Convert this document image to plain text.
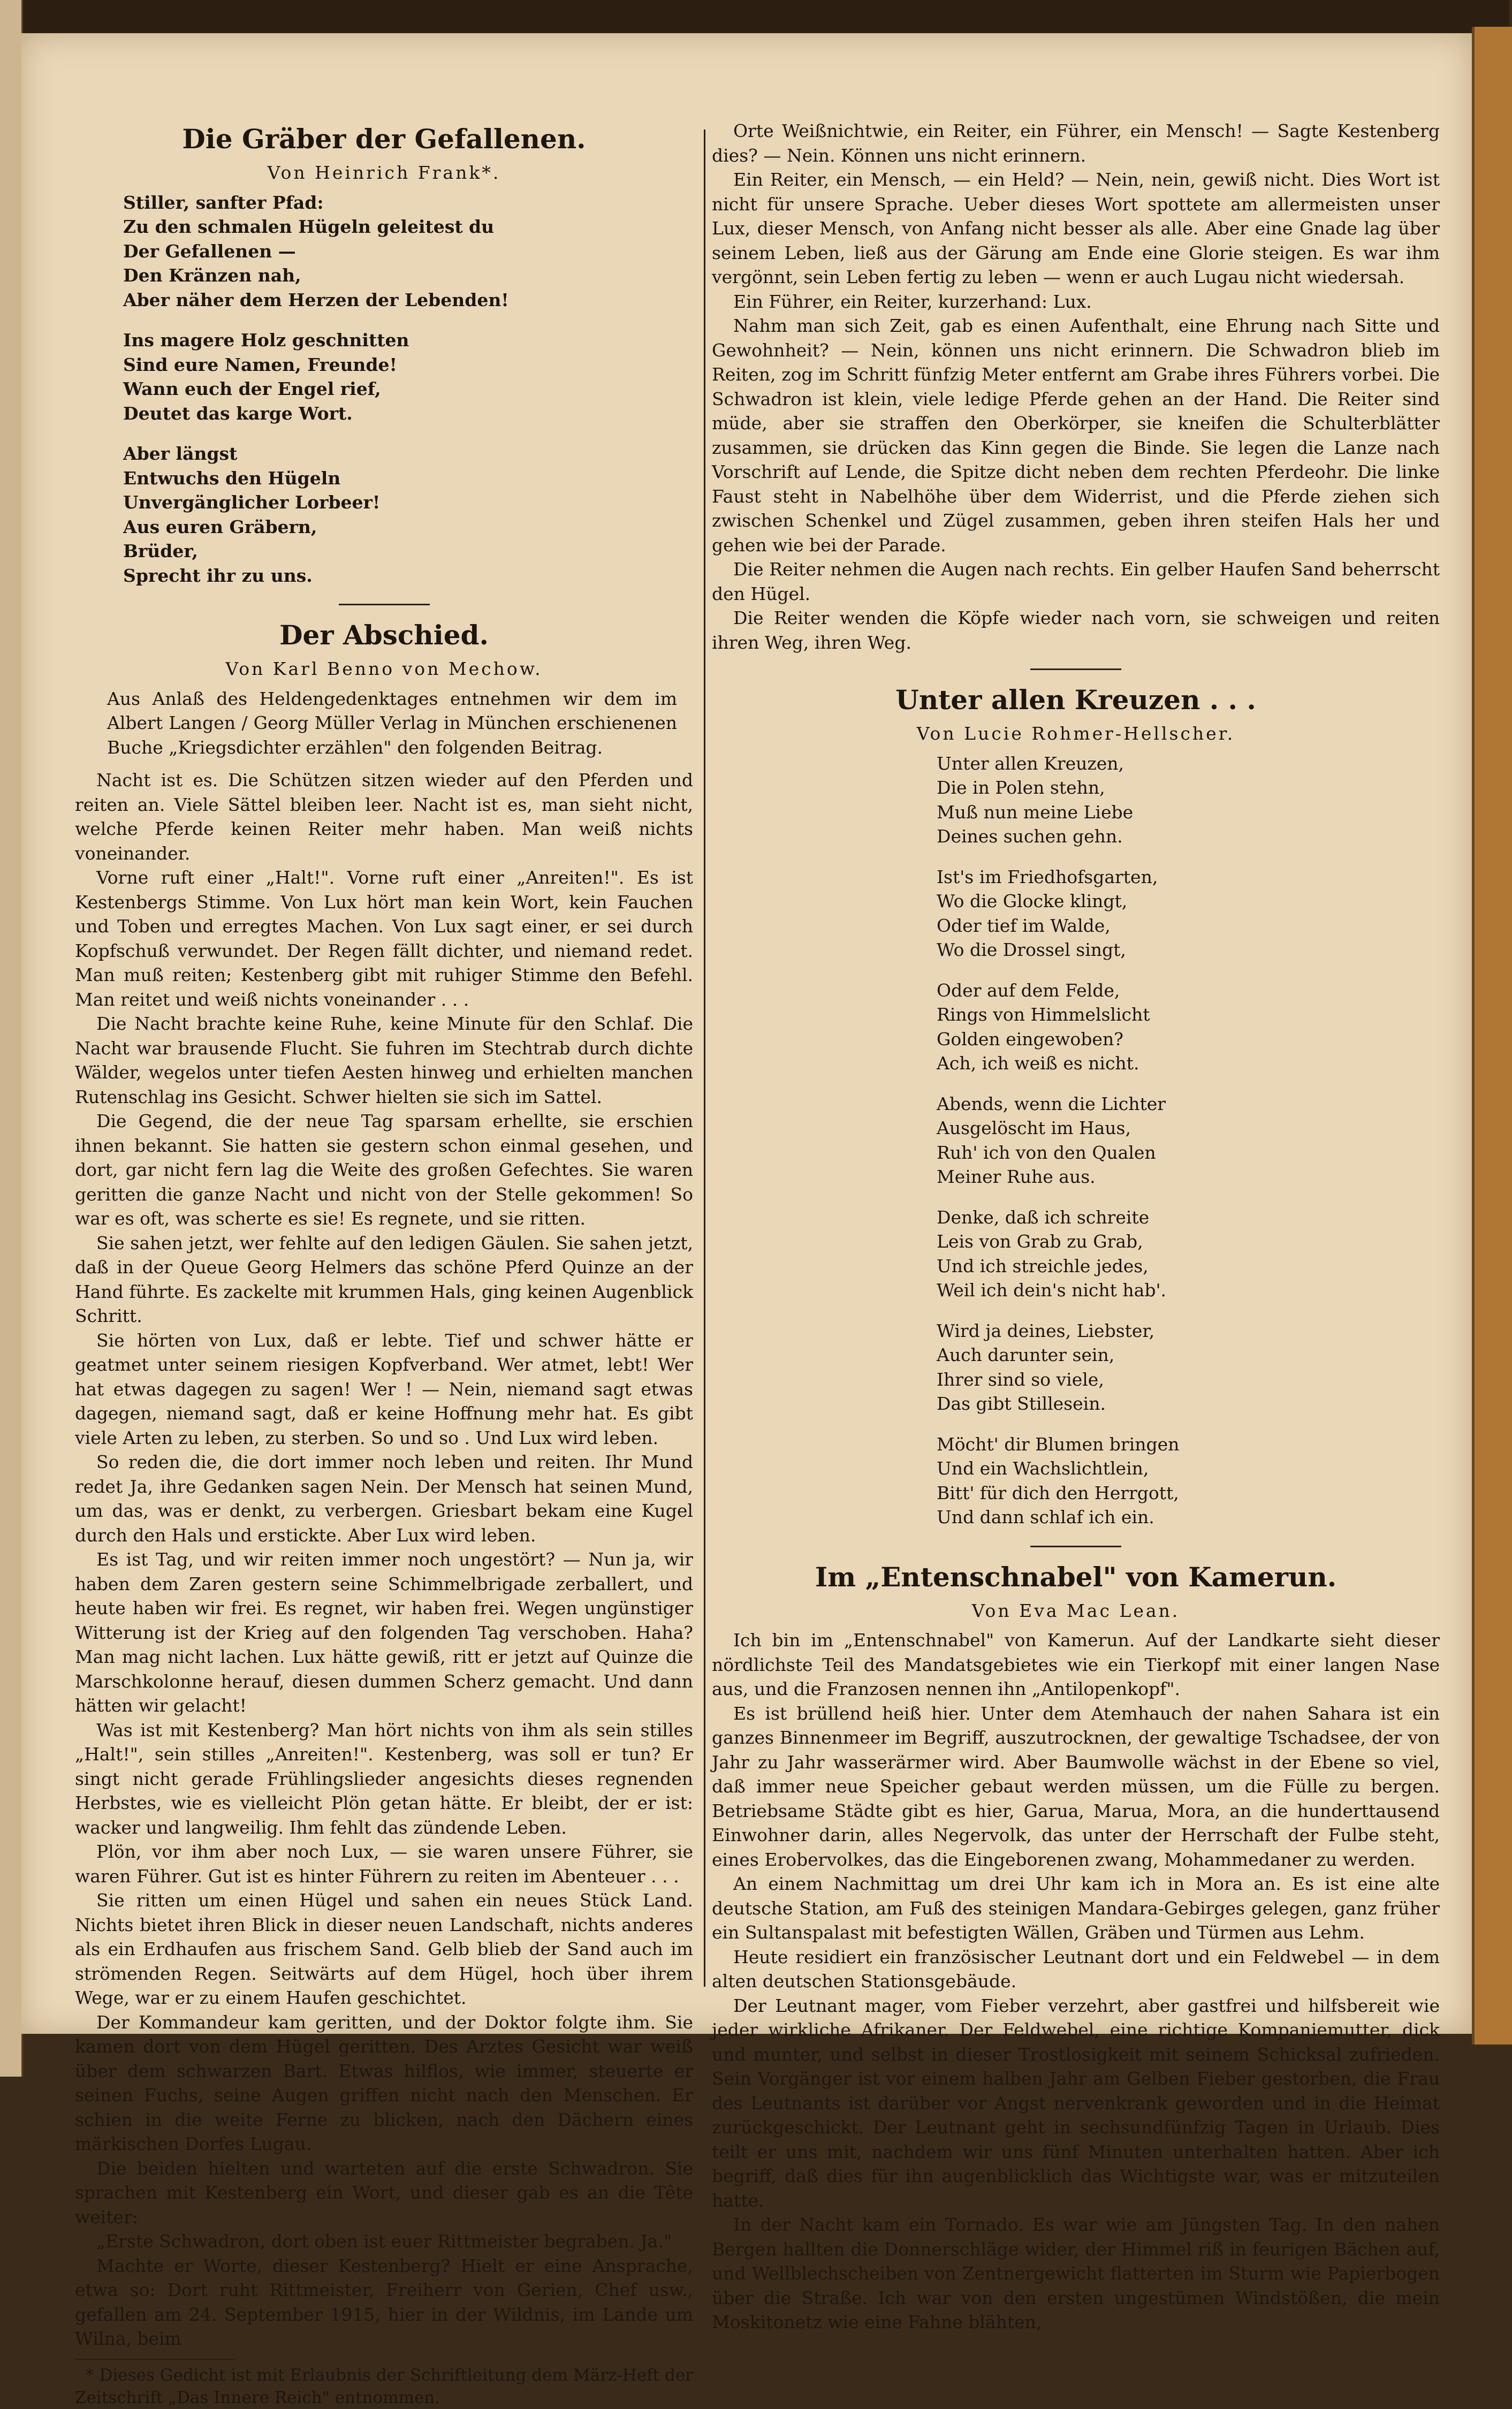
Die Gräber der Gefallenen.
Von Heinrich Frank*.
Stiller, sanfter Pfad:
Zu den schmalen Hügeln geleitest du
Der Gefallenen —
Den Kränzen nah,
Aber näher dem Herzen der Lebenden!
Ins magere Holz geschnitten
Sind eure Namen, Freunde!
Wann euch der Engel rief,
Deutet das karge Wort.
Aber längst
Entwuchs den Hügeln
Unvergänglicher Lorbeer!
Aus euren Gräbern,
Brüder,
Sprecht ihr zu uns.
Der Abschied.
Von Karl Benno von Mechow.
Aus Anlaß des Heldengedenktages entnehmen wir dem im Albert Langen / Georg Müller Verlag in München erschienenen Buche „Kriegsdichter erzählen" den folgenden Beitrag.

Nacht ist es. Die Schützen sitzen wieder auf den Pferden und reiten an. Viele Sättel bleiben leer. Nacht ist es, man sieht nicht, welche Pferde keinen Reiter mehr haben. Man weiß nichts voneinander.

Vorne ruft einer „Halt!". Vorne ruft einer „Anreiten!". Es ist Kestenbergs Stimme. Von Lux hört man kein Wort, kein Fauchen und Toben und erregtes Machen. Von Lux sagt einer, er sei durch Kopfschuß verwundet. Der Regen fällt dichter, und niemand redet. Man muß reiten; Kestenberg gibt mit ruhiger Stimme den Befehl. Man reitet und weiß nichts voneinander . . .

Die Nacht brachte keine Ruhe, keine Minute für den Schlaf. Die Nacht war brausende Flucht. Sie fuhren im Stechtrab durch dichte Wälder, wegelos unter tiefen Aesten hinweg und erhielten manchen Rutenschlag ins Gesicht. Schwer hielten sie sich im Sattel.

Die Gegend, die der neue Tag sparsam erhellte, sie erschien ihnen bekannt. Sie hatten sie gestern schon einmal gesehen, und dort, gar nicht fern lag die Weite des großen Gefechtes. Sie waren geritten die ganze Nacht und nicht von der Stelle gekommen! So war es oft, was scherte es sie! Es regnete, und sie ritten.

Sie sahen jetzt, wer fehlte auf den ledigen Gäulen. Sie sahen jetzt, daß in der Queue Georg Helmers das schöne Pferd Quinze an der Hand führte. Es zackelte mit krummen Hals, ging keinen Augenblick Schritt.

Sie hörten von Lux, daß er lebte. Tief und schwer hätte er geatmet unter seinem riesigen Kopfverband. Wer atmet, lebt! Wer hat etwas dagegen zu sagen! Wer ! — Nein, niemand sagt etwas dagegen, niemand sagt, daß er keine Hoffnung mehr hat. Es gibt viele Arten zu leben, zu sterben. So und so . Und Lux wird leben.

So reden die, die dort immer noch leben und reiten. Ihr Mund redet Ja, ihre Gedanken sagen Nein. Der Mensch hat seinen Mund, um das, was er denkt, zu verbergen. Griesbart bekam eine Kugel durch den Hals und erstickte. Aber Lux wird leben.

Es ist Tag, und wir reiten immer noch ungestört? — Nun ja, wir haben dem Zaren gestern seine Schimmelbrigade zerballert, und heute haben wir frei. Es regnet, wir haben frei. Wegen ungünstiger Witterung ist der Krieg auf den folgenden Tag verschoben. Haha? Man mag nicht lachen. Lux hätte gewiß, ritt er jetzt auf Quinze die Marschkolonne herauf, diesen dummen Scherz gemacht. Und dann hätten wir gelacht!

Was ist mit Kestenberg? Man hört nichts von ihm als sein stilles „Halt!", sein stilles „Anreiten!". Kestenberg, was soll er tun? Er singt nicht gerade Frühlingslieder angesichts dieses regnenden Herbstes, wie es vielleicht Plön getan hätte. Er bleibt, der er ist: wacker und langweilig. Ihm fehlt das zündende Leben.

Plön, vor ihm aber noch Lux, — sie waren unsere Führer, sie waren Führer. Gut ist es hinter Führern zu reiten im Abenteuer . . .

Sie ritten um einen Hügel und sahen ein neues Stück Land. Nichts bietet ihren Blick in dieser neuen Landschaft, nichts anderes als ein Erdhaufen aus frischem Sand. Gelb blieb der Sand auch im strömenden Regen. Seitwärts auf dem Hügel, hoch über ihrem Wege, war er zu einem Haufen geschichtet.

Der Kommandeur kam geritten, und der Doktor folgte ihm. Sie kamen dort von dem Hügel geritten. Des Arztes Gesicht war weiß über dem schwarzen Bart. Etwas hilflos, wie immer, steuerte er seinen Fuchs, seine Augen griffen nicht nach den Menschen. Er schien in die weite Ferne zu blicken, nach den Dächern eines märkischen Dorfes Lugau.

Die beiden hielten und warteten auf die erste Schwadron. Sie sprachen mit Kestenberg ein Wort, und dieser gab es an die Tête weiter:

„Erste Schwadron, dort oben ist euer Rittmeister begraben. Ja."

Machte er Worte, dieser Kestenberg? Hielt er eine Ansprache, etwa so: Dort ruht Rittmeister, Freiherr von Gerien, Chef usw., gefallen am 24. September 1915, hier in der Wildnis, im Lande um Wilna, beim

* Dieses Gedicht ist mit Erlaubnis der Schriftleitung dem März-Heft der Zeitschrift „Das Innere Reich" entnommen.

Orte Weißnichtwie, ein Reiter, ein Führer, ein Mensch! — Sagte Kestenberg dies? — Nein. Können uns nicht erinnern.

Ein Reiter, ein Mensch, — ein Held? — Nein, nein, gewiß nicht. Dies Wort ist nicht für unsere Sprache. Ueber dieses Wort spottete am allermeisten unser Lux, dieser Mensch, von Anfang nicht besser als alle. Aber eine Gnade lag über seinem Leben, ließ aus der Gärung am Ende eine Glorie steigen. Es war ihm vergönnt, sein Leben fertig zu leben — wenn er auch Lugau nicht wiedersah.

Ein Führer, ein Reiter, kurzerhand: Lux.

Nahm man sich Zeit, gab es einen Aufenthalt, eine Ehrung nach Sitte und Gewohnheit? — Nein, können uns nicht erinnern. Die Schwadron blieb im Reiten, zog im Schritt fünfzig Meter entfernt am Grabe ihres Führers vorbei. Die Schwadron ist klein, viele ledige Pferde gehen an der Hand. Die Reiter sind müde, aber sie straffen den Oberkörper, sie kneifen die Schulterblätter zusammen, sie drücken das Kinn gegen die Binde. Sie legen die Lanze nach Vorschrift auf Lende, die Spitze dicht neben dem rechten Pferdeohr. Die linke Faust steht in Nabelhöhe über dem Widerrist, und die Pferde ziehen sich zwischen Schenkel und Zügel zusammen, geben ihren steifen Hals her und gehen wie bei der Parade.

Die Reiter nehmen die Augen nach rechts. Ein gelber Haufen Sand beherrscht den Hügel.

Die Reiter wenden die Köpfe wieder nach vorn, sie schweigen und reiten ihren Weg, ihren Weg.

Unter allen Kreuzen . . .
Von Lucie Rohmer-Hellscher.
Unter allen Kreuzen,
Die in Polen stehn,
Muß nun meine Liebe
Deines suchen gehn.
Ist's im Friedhofsgarten,
Wo die Glocke klingt,
Oder tief im Walde,
Wo die Drossel singt,
Oder auf dem Felde,
Rings von Himmelslicht
Golden eingewoben?
Ach, ich weiß es nicht.
Abends, wenn die Lichter
Ausgelöscht im Haus,
Ruh' ich von den Qualen
Meiner Ruhe aus.
Denke, daß ich schreite
Leis von Grab zu Grab,
Und ich streichle jedes,
Weil ich dein's nicht hab'.
Wird ja deines, Liebster,
Auch darunter sein,
Ihrer sind so viele,
Das gibt Stillesein.
Möcht' dir Blumen bringen
Und ein Wachslichtlein,
Bitt' für dich den Herrgott,
Und dann schlaf ich ein.
Im „Entenschnabel" von Kamerun.
Von Eva Mac Lean.

Ich bin im „Entenschnabel" von Kamerun. Auf der Landkarte sieht dieser nördlichste Teil des Mandatsgebietes wie ein Tierkopf mit einer langen Nase aus, und die Franzosen nennen ihn „Antilopenkopf".

Es ist brüllend heiß hier. Unter dem Atemhauch der nahen Sahara ist ein ganzes Binnenmeer im Begriff, auszutrocknen, der gewaltige Tschadsee, der von Jahr zu Jahr wasserärmer wird. Aber Baumwolle wächst in der Ebene so viel, daß immer neue Speicher gebaut werden müssen, um die Fülle zu bergen. Betriebsame Städte gibt es hier, Garua, Marua, Mora, an die hunderttausend Einwohner darin, alles Negervolk, das unter der Herrschaft der Fulbe steht, eines Erobervolkes, das die Eingeborenen zwang, Mohammedaner zu werden.

An einem Nachmittag um drei Uhr kam ich in Mora an. Es ist eine alte deutsche Station, am Fuß des steinigen Mandara-Gebirges gelegen, ganz früher ein Sultanspalast mit befestigten Wällen, Gräben und Türmen aus Lehm.

Heute residiert ein französischer Leutnant dort und ein Feldwebel — in dem alten deutschen Stationsgebäude.

Der Leutnant mager, vom Fieber verzehrt, aber gastfrei und hilfsbereit wie jeder wirkliche Afrikaner. Der Feldwebel, eine richtige Kompaniemutter, dick und munter, und selbst in dieser Trostlosigkeit mit seinem Schicksal zufrieden. Sein Vorgänger ist vor einem halben Jahr am Gelben Fieber gestorben, die Frau des Leutnants ist darüber vor Angst nervenkrank geworden und in die Heimat zurückgeschickt. Der Leutnant geht in sechsundfünfzig Tagen in Urlaub. Dies teilt er uns mit, nachdem wir uns fünf Minuten unterhalten hatten. Aber ich begriff, daß dies für ihn augenblicklich das Wichtigste war, was er mitzuteilen hatte.

In der Nacht kam ein Tornado. Es war wie am Jüngsten Tag. In den nahen Bergen hallten die Donnerschläge wider, der Himmel riß in feurigen Bächen auf, und Wellblechscheiben von Zentnergewicht flatterten im Sturm wie Papierbogen über die Straße. Ich war von den ersten ungestümen Windstößen, die mein Moskitonetz wie eine Fahne blähten,
